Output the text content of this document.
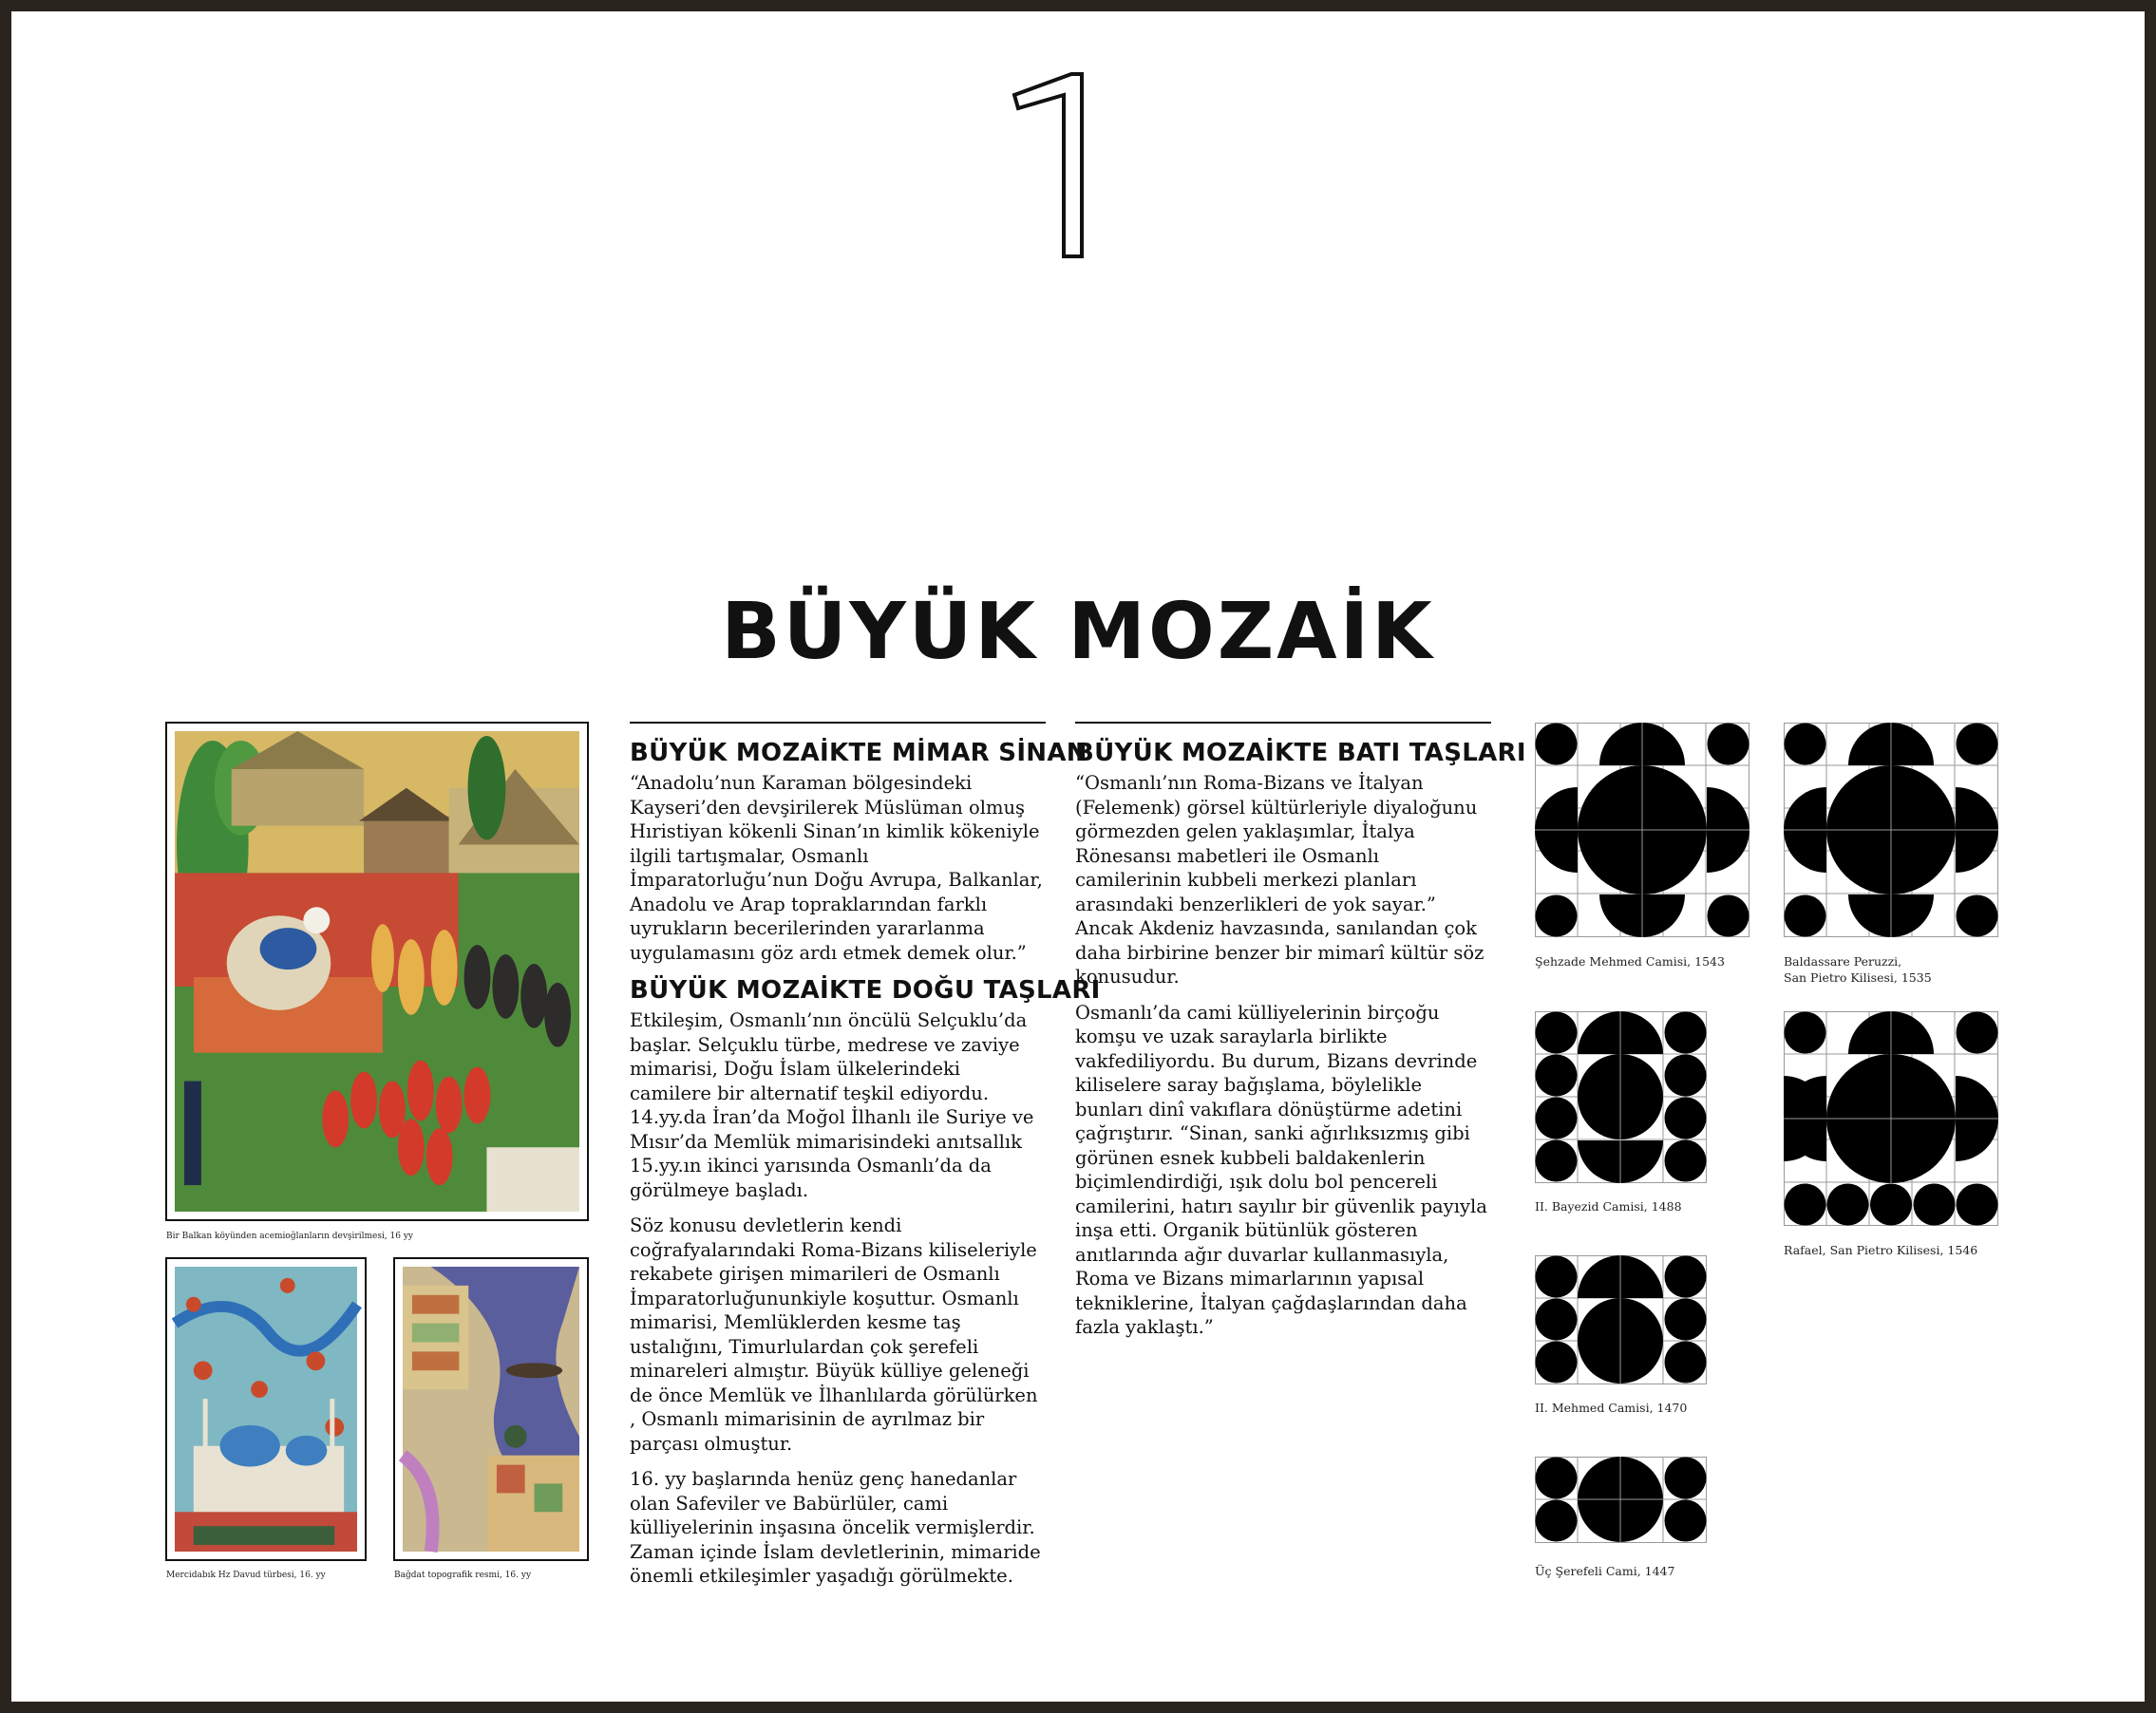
1
BÜYÜK MOZAİK
Bir Balkan köyünden acemioğlanların devşirilmesi, 16 yy
Mercidabık Hz Davud türbesi, 16. yy	Bağdat topografik resmi, 16. yy
BÜYÜK MOZAİKTE MİMAR SİNAN

“Anadolu’nun Karaman bölgesindeki Kayseri’den devşirilerek Müslüman olmuş Hıristiyan kökenli Sinan’ın kimlik kökeniyle ilgili tartışmalar, Osmanlı İmparatorluğu’nun Doğu Avrupa, Balkanlar, Anadolu ve Arap topraklarından farklı uyrukların becerilerinden yararlanma uygulamasını göz ardı etmek demek olur.”

BÜYÜK MOZAİKTE DOĞU TAŞLARI

Etkileşim, Osmanlı’nın öncülü Selçuklu’da başlar. Selçuklu türbe, medrese ve zaviye mimarisi, Doğu İslam ülkelerindeki camilere bir alternatif teşkil ediyordu. 14.yy.da İran’da Moğol İlhanlı ile Suriye ve Mısır’da Memlük mimarisindeki anıtsallık 15.yy.ın ikinci yarısında Osmanlı’da da görülmeye başladı.

Söz konusu devletlerin kendi coğrafyalarındaki Roma-Bizans kiliseleriyle rekabete girişen mimarileri de Osmanlı İmparatorluğununkiyle koşuttur. Osmanlı mimarisi, Memlüklerden kesme taş ustalığını, Timurlulardan çok şerefeli minareleri almıştır. Büyük külliye geleneği de önce Memlük ve İlhanlılarda görülürken , Osmanlı mimarisinin de ayrılmaz bir parçası olmuştur.

16. yy başlarında henüz genç hanedanlar olan Safeviler ve Babürlüler, cami külliyelerinin inşasına öncelik vermişlerdir. Zaman içinde İslam devletlerinin, mimaride önemli etkileşimler yaşadığı görülmekte.

BÜYÜK MOZAİKTE BATI TAŞLARI

“Osmanlı’nın Roma-Bizans ve İtalyan (Felemenk) görsel kültürleriyle diyaloğunu görmezden gelen yaklaşımlar, İtalya Rönesansı mabetleri ile Osmanlı camilerinin kubbeli merkezi planları arasındaki benzerlikleri de yok sayar.” Ancak Akdeniz havzasında, sanılandan çok daha birbirine benzer bir mimarî kültür söz konusudur.

Osmanlı’da cami külliyelerinin birçoğu komşu ve uzak saraylarla birlikte vakfediliyordu. Bu durum, Bizans devrinde kiliselere saray bağışlama, böylelikle bunları dinî vakıflara dönüştürme adetini çağrıştırır. “Sinan, sanki ağırlıksızmış gibi görünen esnek kubbeli baldakenlerin biçimlendirdiği, ışık dolu bol pencereli camilerini, hatırı sayılır bir güvenlik payıyla inşa etti. Organik bütünlük gösteren anıtlarında ağır duvarlar kullanmasıyla, Roma ve Bizans mimarlarının yapısal tekniklerine, İtalyan çağdaşlarından daha fazla yaklaştı.”

Şehzade Mehmed Camisi, 1543	Baldassare Peruzzi,
San Pietro Kilisesi, 1535
II. Bayezid Camisi, 1488
Rafael, San Pietro Kilisesi, 1546
II. Mehmed Camisi, 1470
Üç Şerefeli Cami, 1447
